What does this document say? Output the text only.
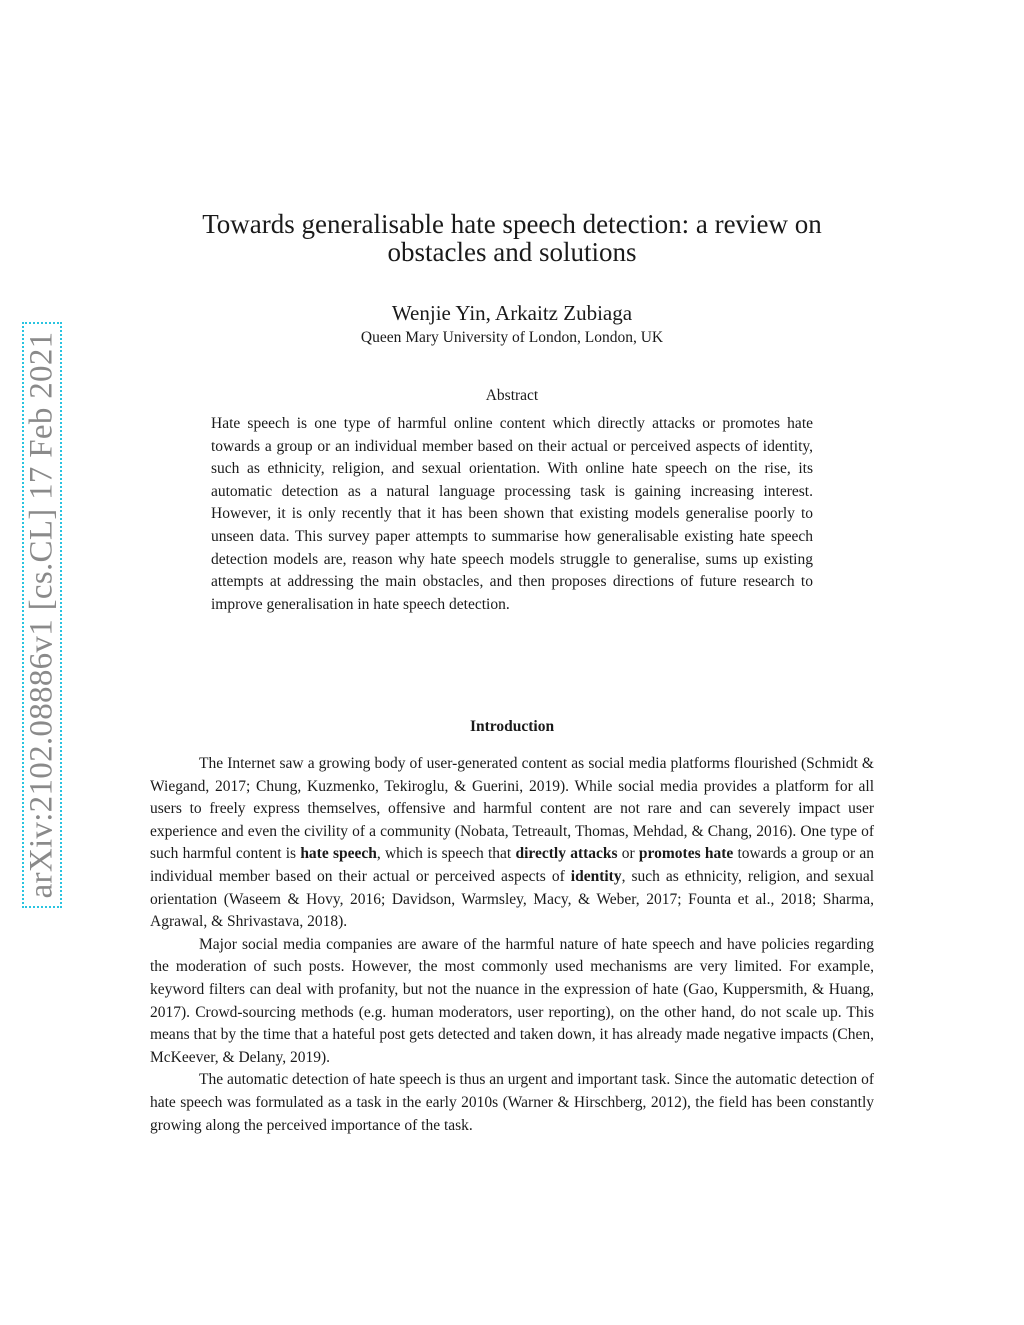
arXiv:2102.08886v1 [cs.CL] 17 Feb 2021
Towards generalisable hate speech detection: a review on obstacles and solutions
Wenjie Yin, Arkaitz Zubiaga
Queen Mary University of London, London, UK
Abstract

Hate speech is one type of harmful online content which directly attacks or promotes hate towards a group or an individual member based on their actual or perceived aspects of identity, such as ethnicity, religion, and sexual orientation. With online hate speech on the rise, its automatic detection as a natural language processing task is gaining increasing interest. However, it is only recently that it has been shown that existing models generalise poorly to unseen data. This survey paper attempts to summarise how generalisable existing hate speech detection models are, reason why hate speech models struggle to generalise, sums up existing attempts at addressing the main obstacles, and then proposes directions of future research to improve generalisation in hate speech detection.

Introduction

The Internet saw a growing body of user-generated content as social media platforms flourished (Schmidt & Wiegand, 2017; Chung, Kuzmenko, Tekiroglu, & Guerini, 2019). While social media provides a platform for all users to freely express themselves, offensive and harmful content are not rare and can severely impact user experience and even the civility of a community (Nobata, Tetreault, Thomas, Mehdad, & Chang, 2016). One type of such harmful content is hate speech, which is speech that directly attacks or promotes hate towards a group or an individual member based on their actual or perceived aspects of identity, such as ethnicity, religion, and sexual orientation (Waseem & Hovy, 2016; Davidson, Warmsley, Macy, & Weber, 2017; Founta et al., 2018; Sharma, Agrawal, & Shrivastava, 2018).

Major social media companies are aware of the harmful nature of hate speech and have policies regarding the moderation of such posts. However, the most commonly used mechanisms are very limited. For example, keyword filters can deal with profanity, but not the nuance in the expression of hate (Gao, Kuppersmith, & Huang, 2017). Crowd-sourcing methods (e.g. human moderators, user reporting), on the other hand, do not scale up. This means that by the time that a hateful post gets detected and taken down, it has already made negative impacts (Chen, McKeever, & Delany, 2019).

The automatic detection of hate speech is thus an urgent and important task. Since the automatic detection of hate speech was formulated as a task in the early 2010s (Warner & Hirschberg, 2012), the field has been constantly growing along the perceived importance of the task.
